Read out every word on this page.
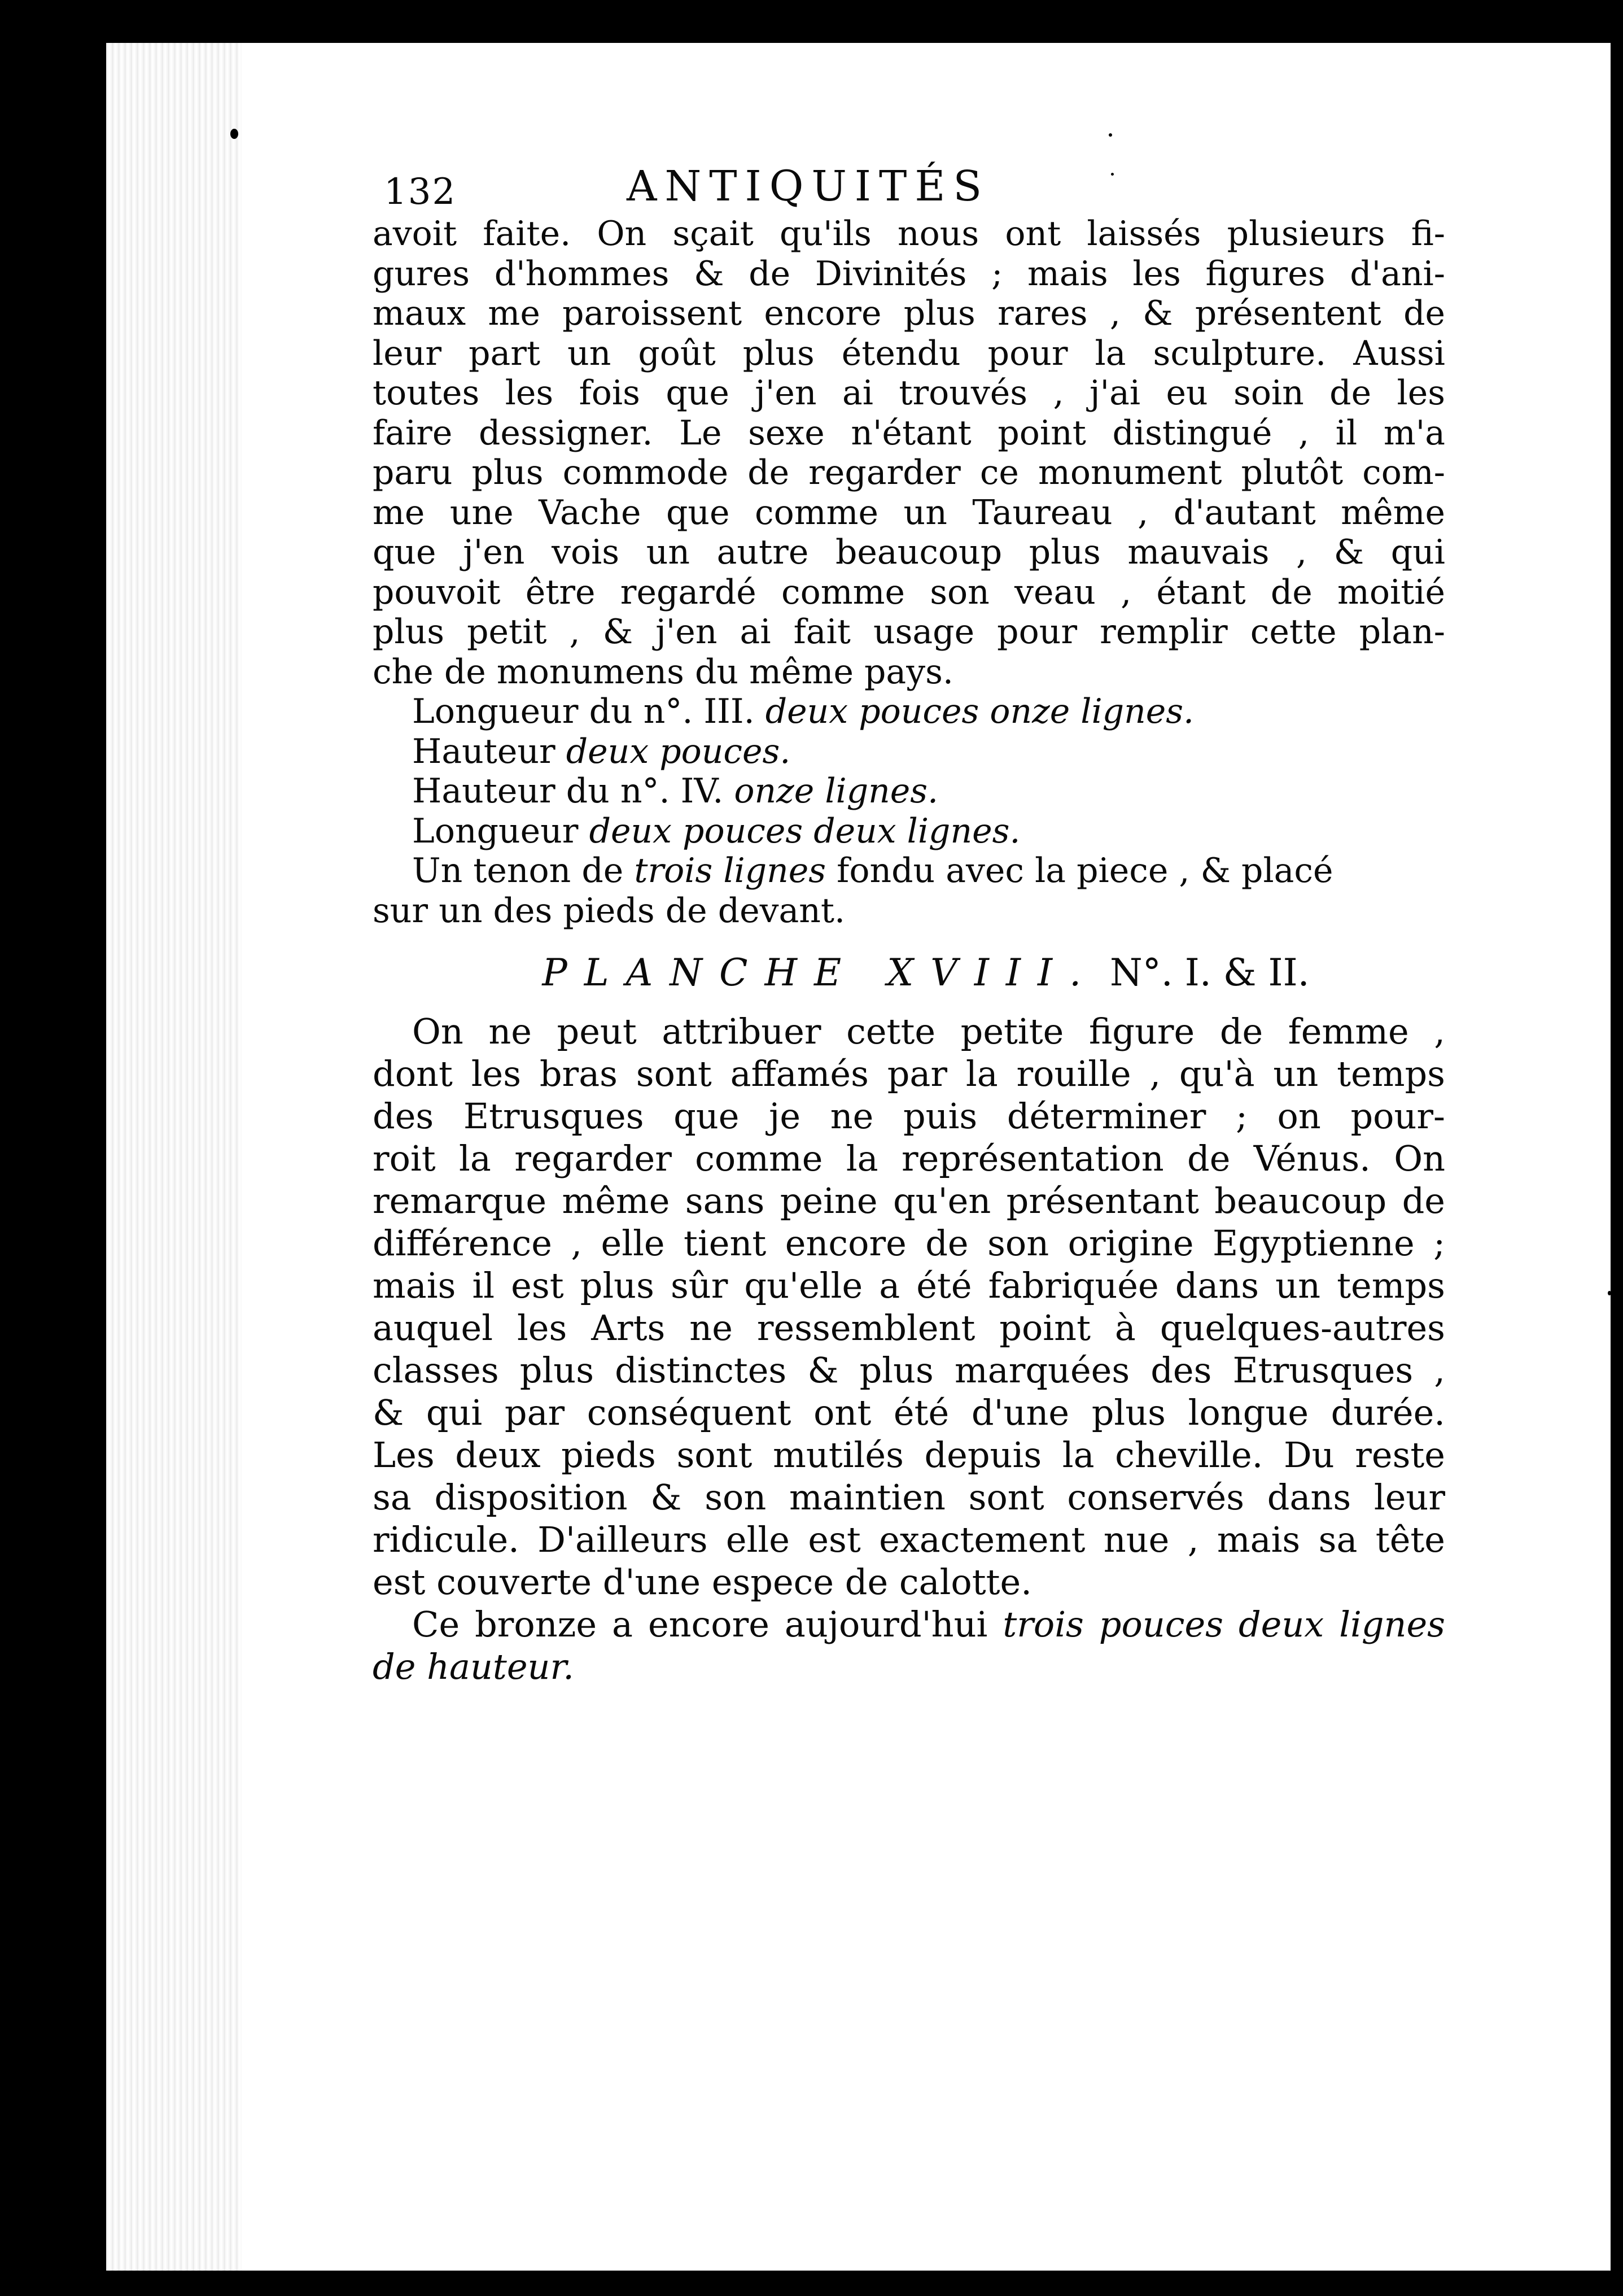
132	ANTIQUITÉS
avoit faite. On sçait qu'ils nous ont laissés plusieurs fi-
gures d'hommes & de Divinités ; mais les figures d'ani-
maux me paroissent encore plus rares , & présentent de
leur part un goût plus étendu pour la sculpture. Aussi
toutes les fois que j'en ai trouvés , j'ai eu soin de les
faire dessigner. Le sexe n'étant point distingué , il m'a
paru plus commode de regarder ce monument plutôt com-
me une Vache que comme un Taureau , d'autant même
que j'en vois un autre beaucoup plus mauvais , & qui
pouvoit être regardé comme son veau , étant de moitié
plus petit , & j'en ai fait usage pour remplir cette plan-
che de monumens du même pays.
Longueur du n°. III. deux pouces onze lignes.
Hauteur deux pouces.
Hauteur du n°. IV. onze lignes.
Longueur deux pouces deux lignes.
Un tenon de trois lignes fondu avec la piece , & placé
sur un des pieds de devant.
PLANCHE XVIII. N°. I. & II.
On ne peut attribuer cette petite figure de femme ,
dont les bras sont affamés par la rouille , qu'à un temps
des Etrusques que je ne puis déterminer ; on pour-
roit la regarder comme la représentation de Vénus. On
remarque même sans peine qu'en présentant beaucoup de
différence , elle tient encore de son origine Egyptienne ;
mais il est plus sûr qu'elle a été fabriquée dans un temps
auquel les Arts ne ressemblent point à quelques-autres
classes plus distinctes & plus marquées des Etrusques ,
& qui par conséquent ont été d'une plus longue durée.
Les deux pieds sont mutilés depuis la cheville. Du reste
sa disposition & son maintien sont conservés dans leur
ridicule. D'ailleurs elle est exactement nue , mais sa tête
est couverte d'une espece de calotte.
Ce bronze a encore aujourd'hui trois pouces deux lignes
de hauteur.
